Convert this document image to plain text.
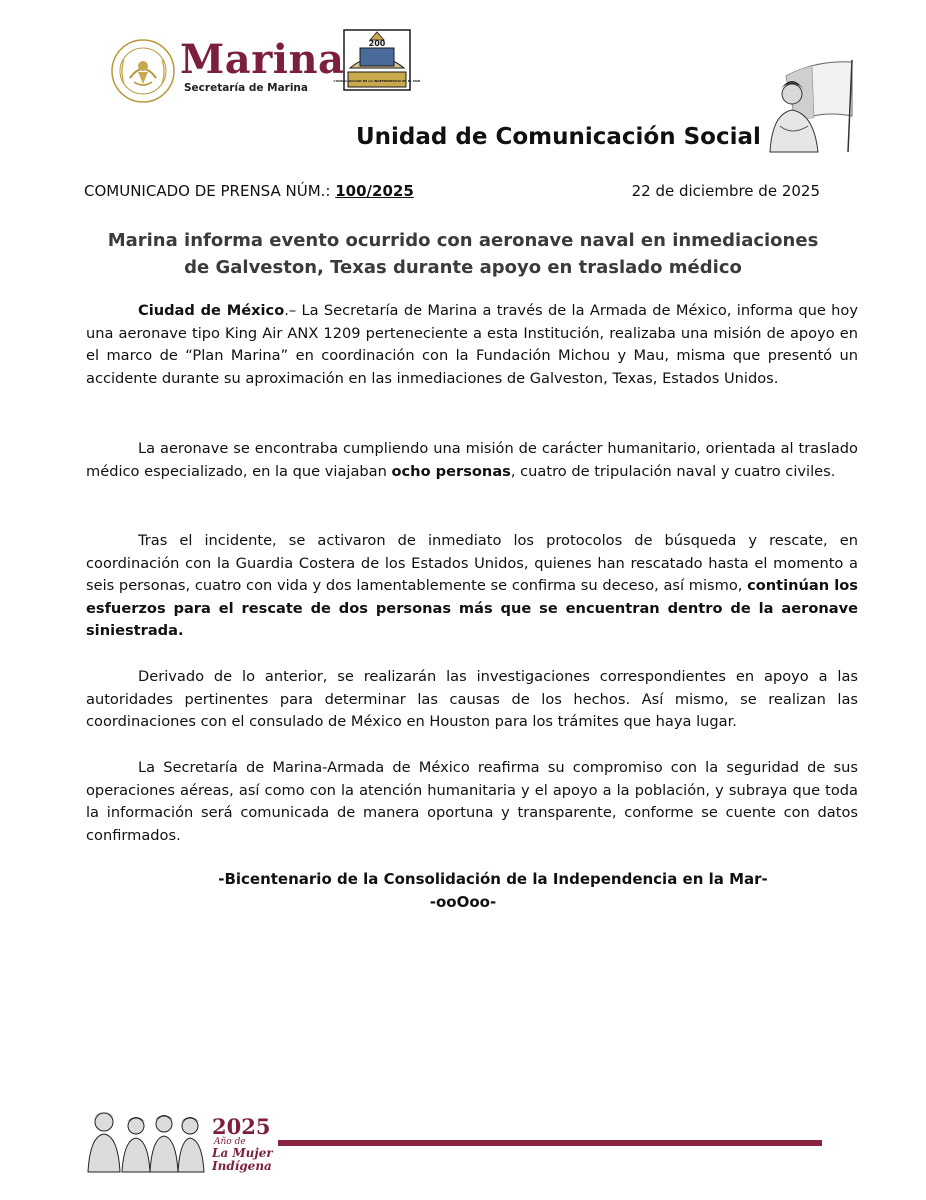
Marina
Secretaría de Marina
200
CONSOLIDACIÓN DE LA INDEPENDENCIA EN EL MAR
Unidad de Comunicación Social
COMUNICADO DE PRENSA NÚM.: 100/2025	22 de diciembre de 2025
Marina informa evento ocurrido con aeronave naval en inmediaciones
de Galveston, Texas durante apoyo en traslado médico
Ciudad de México.– La Secretaría de Marina a través de la Armada de México, informa que hoy una aeronave tipo King Air ANX 1209 perteneciente a esta Institución, realizaba una misión de apoyo en el marco de “Plan Marina” en coordinación con la Fundación Michou y Mau, misma que presentó un accidente durante su aproximación en las inmediaciones de Galveston, Texas, Estados Unidos.
La aeronave se encontraba cumpliendo una misión de carácter humanitario, orientada al traslado médico especializado, en la que viajaban ocho personas, cuatro de tripulación naval y cuatro civiles.
Tras el incidente, se activaron de inmediato los protocolos de búsqueda y rescate, en coordinación con la Guardia Costera de los Estados Unidos, quienes han rescatado hasta el momento a seis personas, cuatro con vida y dos lamentablemente se confirma su deceso, así mismo, continúan los esfuerzos para el rescate de dos personas más que se encuentran dentro de la aeronave siniestrada.
Derivado de lo anterior, se realizarán las investigaciones correspondientes en apoyo a las autoridades pertinentes para determinar las causas de los hechos. Así mismo, se realizan las coordinaciones con el consulado de México en Houston para los trámites que haya lugar.
La Secretaría de Marina-Armada de México reafirma su compromiso con la seguridad de sus operaciones aéreas, así como con la atención humanitaria y el apoyo a la población, y subraya que toda la información será comunicada de manera oportuna y transparente, conforme se cuente con datos confirmados.
-Bicentenario de la Consolidación de la Independencia en la Mar-
-ooOoo-
2025
Año de
La Mujer
Indígena
